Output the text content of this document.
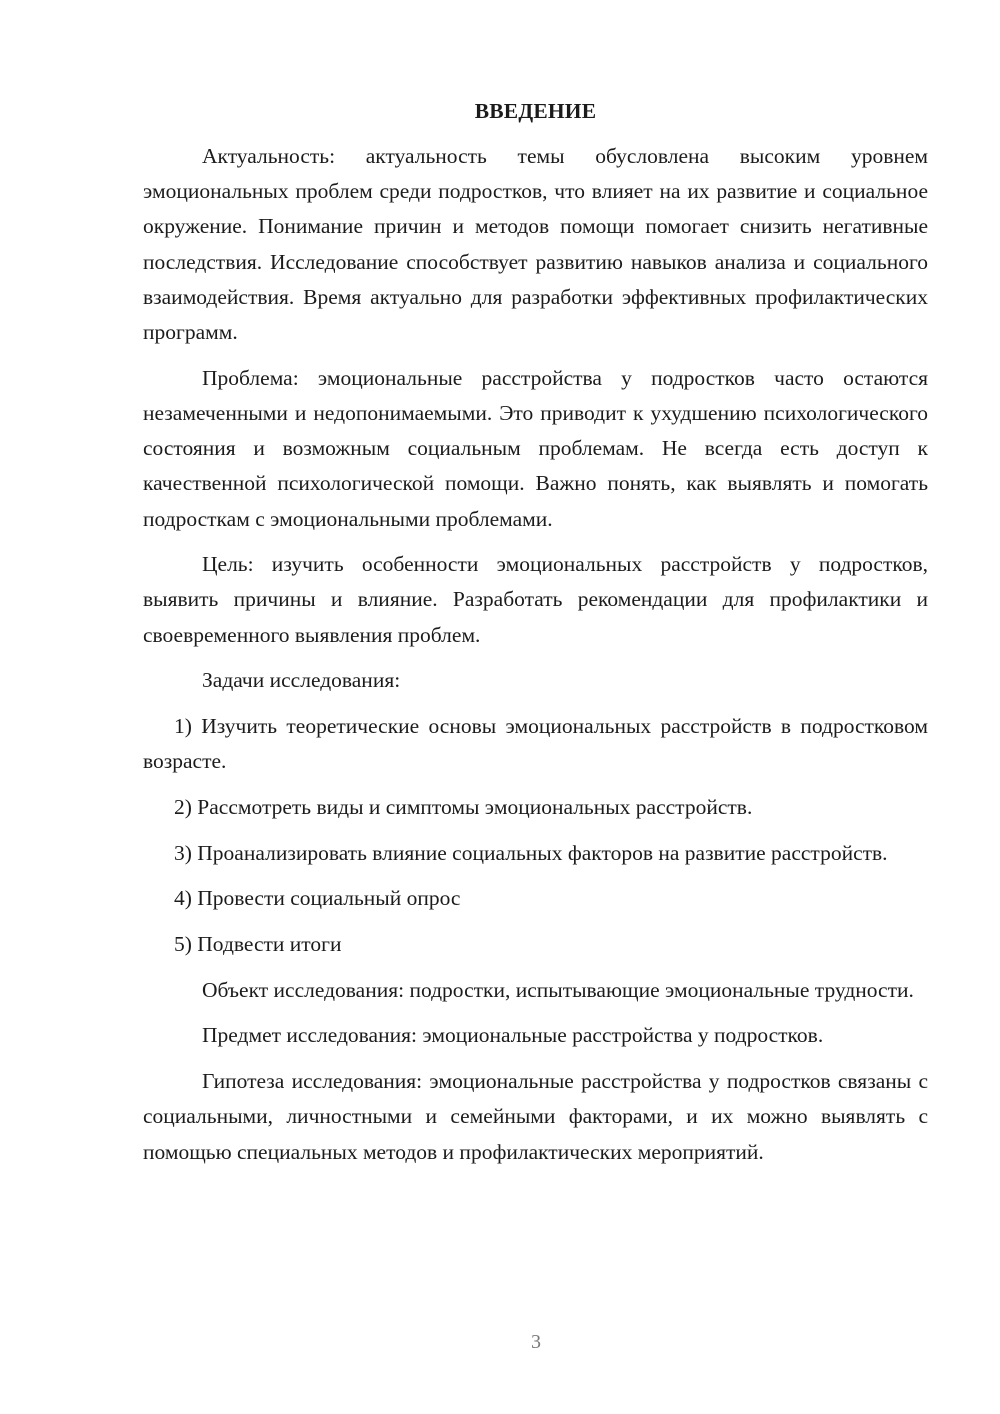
ВВЕДЕНИЕ

Актуальность: актуальность темы обусловлена высоким уровнем эмоциональных проблем среди подростков, что влияет на их развитие и социальное окружение. Понимание причин и методов помощи помогает снизить негативные последствия. Исследование способствует развитию навыков анализа и социального взаимодействия. Время актуально для разработки эффективных профилактических программ.

Проблема: эмоциональные расстройства у подростков часто остаются незамеченными и недопонимаемыми. Это приводит к ухудшению психологического состояния и возможным социальным проблемам. Не всегда есть доступ к качественной психологической помощи. Важно понять, как выявлять и помогать подросткам с эмоциональными проблемами.

Цель: изучить особенности эмоциональных расстройств у подростков, выявить причины и влияние. Разработать рекомендации для профилактики и своевременного выявления проблем.

Задачи исследования:

1) Изучить теоретические основы эмоциональных расстройств в подростковом возрасте.

2) Рассмотреть виды и симптомы эмоциональных расстройств.

3) Проанализировать влияние социальных факторов на развитие расстройств.

4) Провести социальный опрос

5) Подвести итоги

Объект исследования: подростки, испытывающие эмоциональные трудности.

Предмет исследования: эмоциональные расстройства у подростков.

Гипотеза исследования: эмоциональные расстройства у подростков связаны с социальными, личностными и семейными факторами, и их можно выявлять с помощью специальных методов и профилактических мероприятий.

3
